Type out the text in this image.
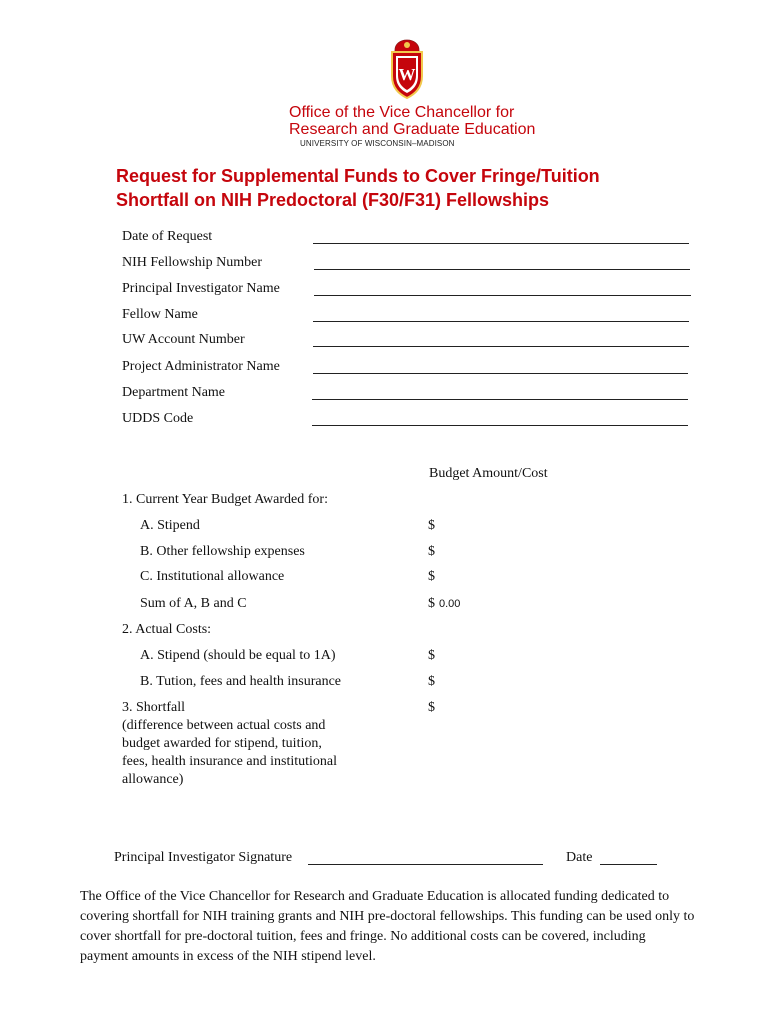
W
Office of the Vice Chancellor for
Research and Graduate Education
UNIVERSITY OF WISCONSIN–MADISON
Request for Supplemental Funds to Cover Fringe/Tuition
Shortfall on NIH Predoctoral (F30/F31) Fellowships
Date of Request
NIH Fellowship Number
Principal Investigator Name
Fellow Name
UW Account Number
Project Administrator Name
Department Name
UDDS Code
Budget Amount/Cost
1. Current Year Budget Awarded for:
A. Stipend	$
B. Other fellowship expenses	$
C. Institutional allowance	$
Sum of A, B and C	$ 0.00
2. Actual Costs:
A. Stipend (should be equal to 1A)	$
B. Tution, fees and health insurance	$
3. Shortfall	$
(difference between actual costs and
budget awarded for stipend, tuition,
fees, health insurance and institutional
allowance)
Principal Investigator Signature	Date
The Office of the Vice Chancellor for Research and Graduate Education is allocated funding dedicated to
covering shortfall for NIH training grants and NIH pre-doctoral fellowships. This funding can be used only to
cover shortfall for pre-doctoral tuition, fees and fringe. No additional costs can be covered, including
payment amounts in excess of the NIH stipend level.
